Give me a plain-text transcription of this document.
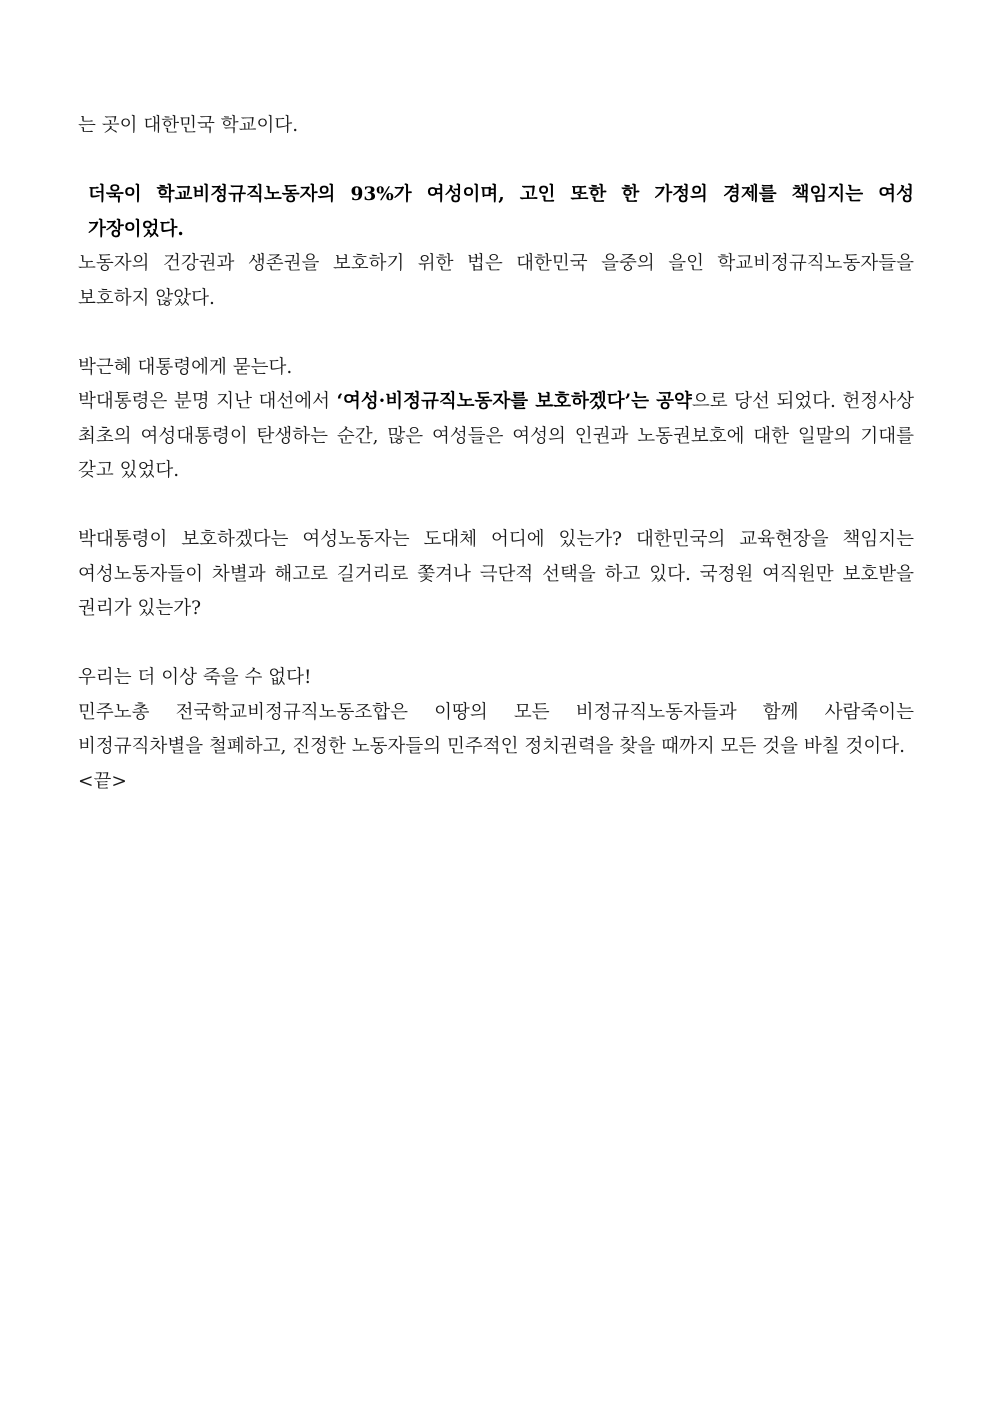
는 곳이 대한민국 학교이다.

더욱이 학교비정규직노동자의 93%가 여성이며, 고인 또한 한 가정의 경제를 책임지는 여성 가장이었다.

노동자의 건강권과 생존권을 보호하기 위한 법은 대한민국 을중의 을인 학교비정규직노동자들을 보호하지 않았다.

박근혜 대통령에게 묻는다.

박대통령은 분명 지난 대선에서 ‘여성·비정규직노동자를 보호하겠다’는 공약으로 당선 되었다. 헌정사상 최초의 여성대통령이 탄생하는 순간, 많은 여성들은 여성의 인권과 노동권보호에 대한 일말의 기대를 갖고 있었다.

박대통령이 보호하겠다는 여성노동자는 도대체 어디에 있는가? 대한민국의 교육현장을 책임지는 여성노동자들이 차별과 해고로 길거리로 쫓겨나 극단적 선택을 하고 있다. 국정원 여직원만 보호받을 권리가 있는가?

우리는 더 이상 죽을 수 없다!

민주노총 전국학교비정규직노동조합은 이땅의 모든 비정규직노동자들과 함께 사람죽이는 비정규직차별을 철폐하고, 진정한 노동자들의 민주적인 정치권력을 찾을 때까지 모든 것을 바칠 것이다.

<끝>
